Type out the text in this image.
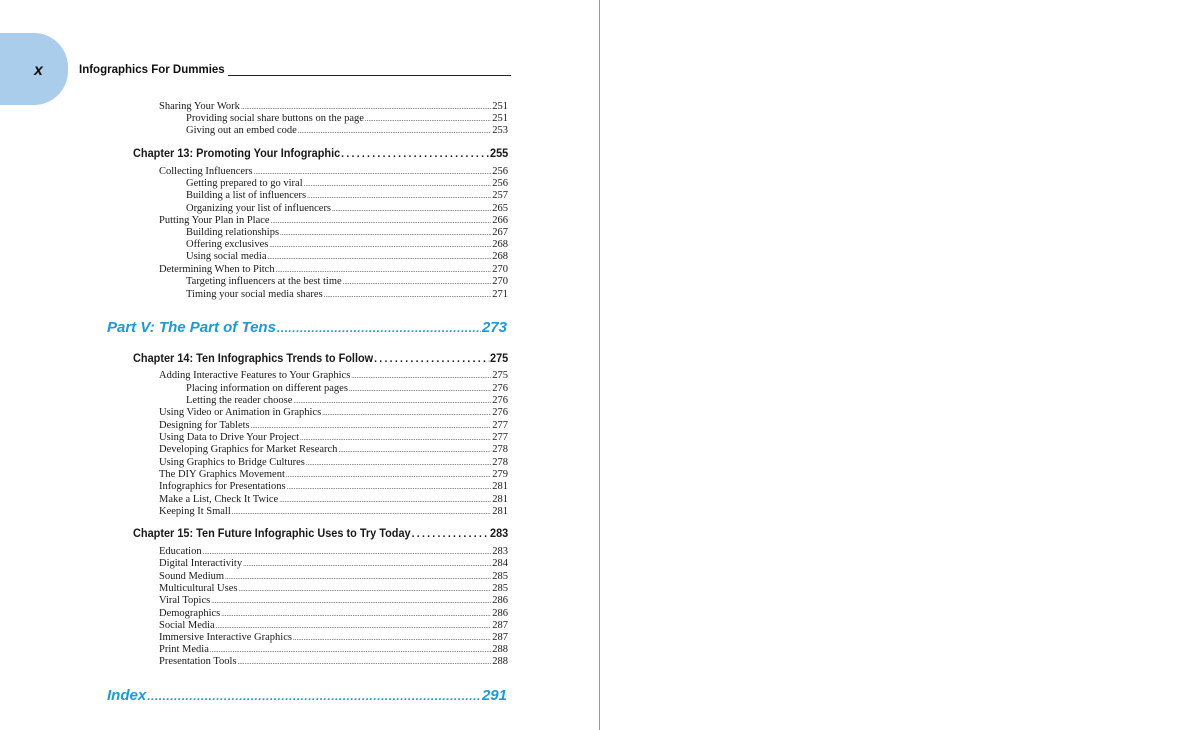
x	Infographics For Dummies
Sharing Your Work .....	251
Providing social share buttons on the page .....	251
Giving out an embed code .....	253
Chapter 13: Promoting Your Infographic .....	255
Collecting Influencers .....	256
Getting prepared to go viral .....	256
Building a list of influencers .....	257
Organizing your list of influencers .....	265
Putting Your Plan in Place .....	266
Building relationships .....	267
Offering exclusives .....	268
Using social media .....	268
Determining When to Pitch .....	270
Targeting influencers at the best time .....	270
Timing your social media shares .....	271
Part V: The Part of Tens .....	273
Chapter 14: Ten Infographics Trends to Follow .....	275
Adding Interactive Features to Your Graphics .....	275
Placing information on different pages .....	276
Letting the reader choose .....	276
Using Video or Animation in Graphics .....	276
Designing for Tablets .....	277
Using Data to Drive Your Project .....	277
Developing Graphics for Market Research .....	278
Using Graphics to Bridge Cultures .....	278
The DIY Graphics Movement .....	279
Infographics for Presentations .....	281
Make a List, Check It Twice .....	281
Keeping It Small .....	281
Chapter 15: Ten Future Infographic Uses to Try Today .....	283
Education .....	283
Digital Interactivity .....	284
Sound Medium .....	285
Multicultural Uses .....	285
Viral Topics .....	286
Demographics .....	286
Social Media .....	287
Immersive Interactive Graphics .....	287
Print Media .....	288
Presentation Tools .....	288
Index .....	291
